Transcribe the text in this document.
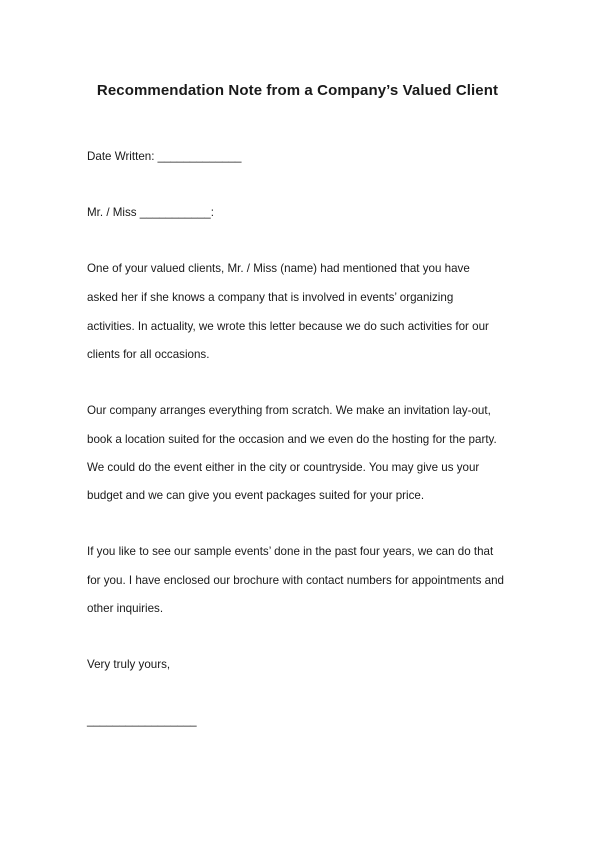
Recommendation Note from a Company’s Valued Client
Date Written: _____________
Mr. / Miss ___________:
One of your valued clients, Mr. / Miss (name) had mentioned that you have
asked her if she knows a company that is involved in events’ organizing
activities. In actuality, we wrote this letter because we do such activities for our
clients for all occasions.
Our company arranges everything from scratch. We make an invitation lay-out,
book a location suited for the occasion and we even do the hosting for the party.
We could do the event either in the city or countryside. You may give us your
budget and we can give you event packages suited for your price.
If you like to see our sample events’ done in the past four years, we can do that
for you. I have enclosed our brochure with contact numbers for appointments and
other inquiries.
Very truly yours,
_________________
